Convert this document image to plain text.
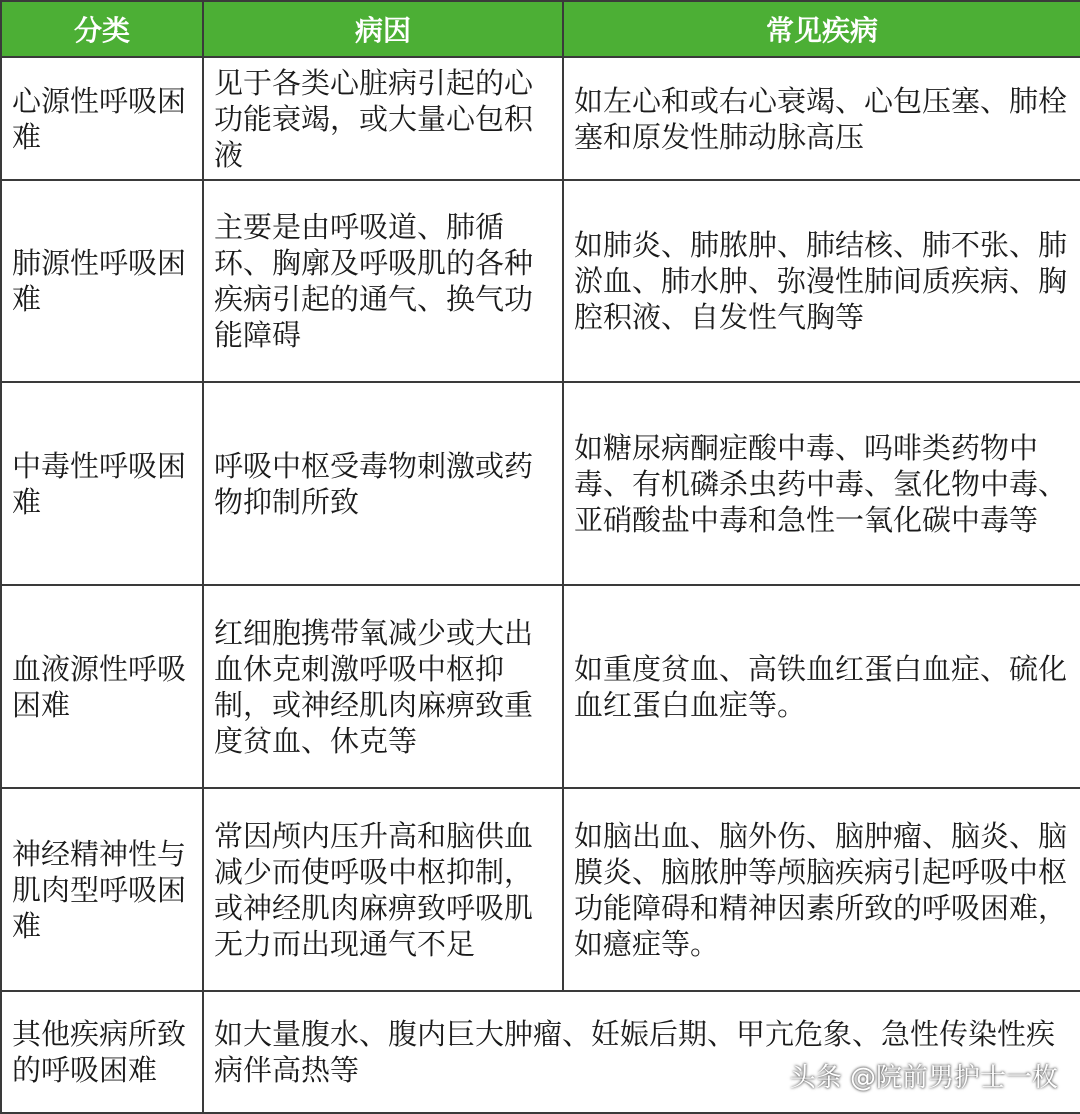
分类	病因	常见疾病
心源性呼吸困难	见于各类心脏病引起的心功能衰竭，或大量心包积液	如左心和或右心衰竭、心包压塞、肺栓塞和原发性肺动脉高压
肺源性呼吸困难	主要是由呼吸道、肺循环、胸廓及呼吸肌的各种疾病引起的通气、换气功能障碍	如肺炎、肺脓肿、肺结核、肺不张、肺淤血、肺水肿、弥漫性肺间质疾病、胸腔积液、自发性气胸等
中毒性呼吸困难	呼吸中枢受毒物刺激或药物抑制所致	如糖尿病酮症酸中毒、吗啡类药物中毒、有机磷杀虫药中毒、氢化物中毒、亚硝酸盐中毒和急性一氧化碳中毒等
血液源性呼吸困难	红细胞携带氧减少或大出血休克刺激呼吸中枢抑制，或神经肌肉麻痹致重度贫血、休克等	如重度贫血、高铁血红蛋白血症、硫化血红蛋白血症等。
神经精神性与肌肉型呼吸困难	常因颅内压升高和脑供血减少而使呼吸中枢抑制，或神经肌肉麻痹致呼吸肌无力而出现通气不足	如脑出血、脑外伤、脑肿瘤、脑炎、脑膜炎、脑脓肿等颅脑疾病引起呼吸中枢功能障碍和精神因素所致的呼吸困难，如癔症等。
其他疾病所致的呼吸困难	如大量腹水、腹内巨大肿瘤、妊娠后期、甲亢危象、急性传染性疾病伴高热等		头条 @院前男护士一枚
